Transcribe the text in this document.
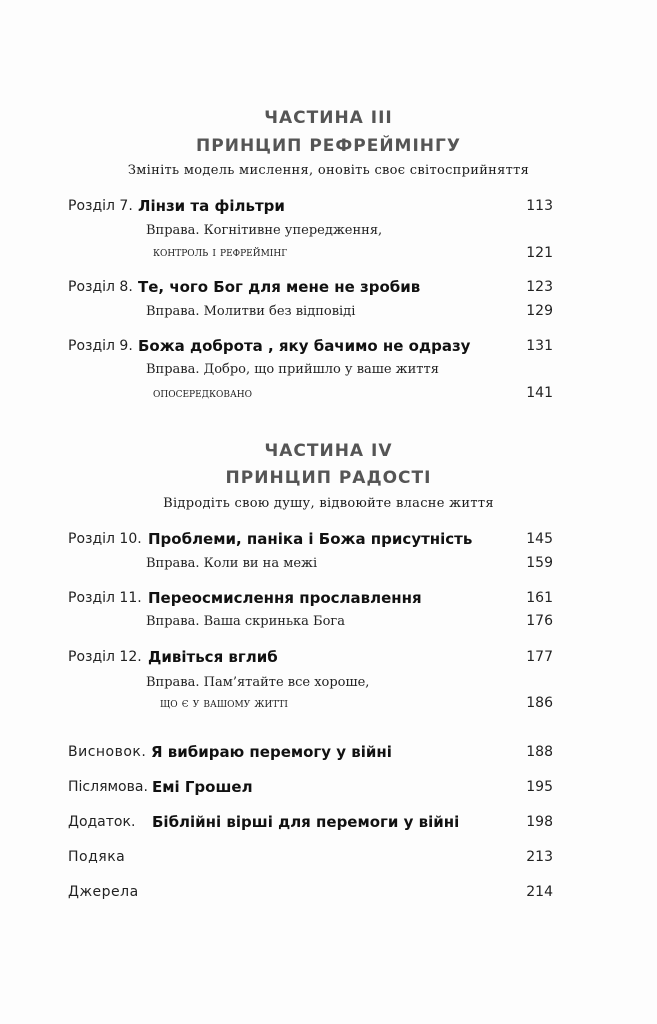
ЧАСТИНА III
ПРИНЦИП РЕФРЕЙМІНГУ
Змініть модель мислення, оновіть своє світосприйняття
Розділ 7. Лінзи та фільтри	113
Вправа. Когнітивне упередження,
контроль і рефреймінг	121
Розділ 8. Те, чого Бог для мене не зробив	123
Вправа. Молитви без відповіді	129
Розділ 9. Божа доброта , яку бачимо не одразу	131
Вправа. Добро, що прийшло у ваше життя
опосередковано	141
ЧАСТИНА IV
ПРИНЦИП РАДОСТІ
Відродіть свою душу, відвоюйте власне життя
Розділ 10. Проблеми, паніка і Божа присутність	145
Вправа. Коли ви на межі	159
Розділ 11. Переосмислення прославлення	161
Вправа. Ваша скринька Бога	176
Розділ 12. Дивіться вглиб	177
Вправа. Пам’ятайте все хороше,
що є у вашому житті	186
Висновок. Я вибираю перемогу у війні	188
Післямова. Емі Грошел	195
Додаток. Біблійні вірші для перемоги у війні	198
Подяка	213
Джерела	214
